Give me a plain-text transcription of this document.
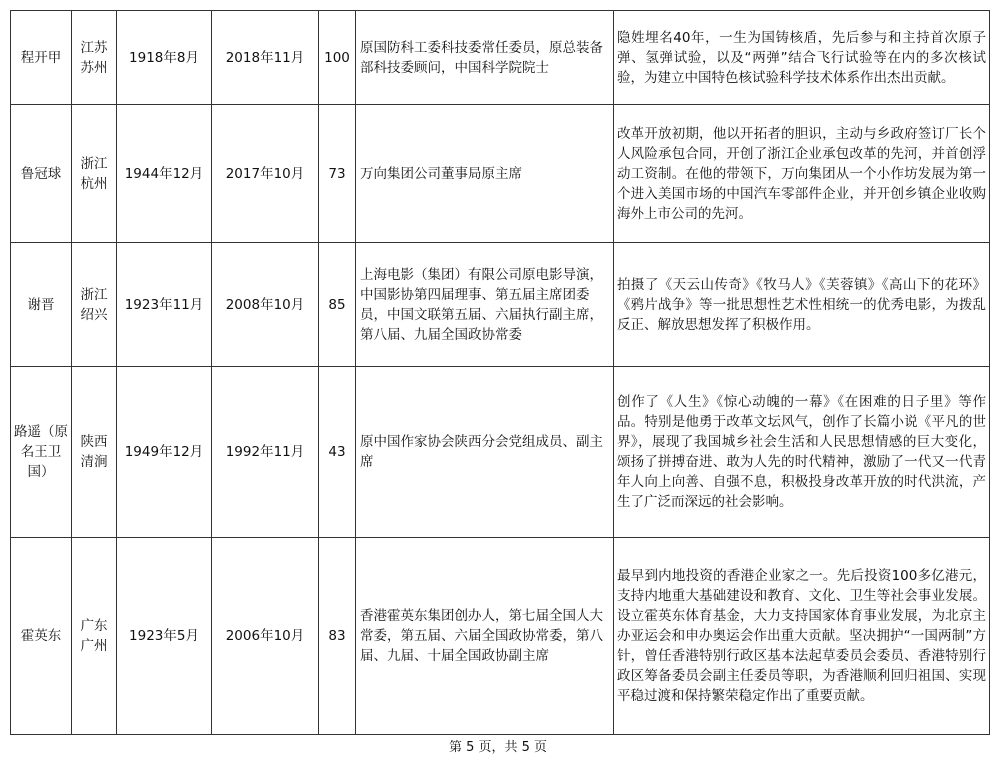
程开甲	江苏苏州	1918年8月	2018年11月	100	原国防科工委科技委常任委员，原总装备部科技委顾问，中国科学院院士	隐姓埋名40年，一生为国铸核盾，先后参与和主持首次原子弹、氢弹试验，以及“两弹”结合飞行试验等在内的多次核试验，为建立中国特色核试验科学技术体系作出杰出贡献。
鲁冠球	浙江杭州	1944年12月	2017年10月	73	万向集团公司董事局原主席	改革开放初期，他以开拓者的胆识，主动与乡政府签订厂长个人风险承包合同，开创了浙江企业承包改革的先河，并首创浮动工资制。在他的带领下，万向集团从一个小作坊发展为第一个进入美国市场的中国汽车零部件企业，并开创乡镇企业收购海外上市公司的先河。
谢晋	浙江绍兴	1923年11月	2008年10月	85	上海电影（集团）有限公司原电影导演，中国影协第四届理事、第五届主席团委员，中国文联第五届、六届执行副主席，第八届、九届全国政协常委	拍摄了《天云山传奇》《牧马人》《芙蓉镇》《高山下的花环》《鸦片战争》等一批思想性艺术性相统一的优秀电影，为拨乱反正、解放思想发挥了积极作用。
路遥（原名王卫国）	陕西清涧	1949年12月	1992年11月	43	原中国作家协会陕西分会党组成员、副主席	创作了《人生》《惊心动魄的一幕》《在困难的日子里》等作品。特别是他勇于改革文坛风气，创作了长篇小说《平凡的世界》，展现了我国城乡社会生活和人民思想情感的巨大变化，颂扬了拼搏奋进、敢为人先的时代精神，激励了一代又一代青年人向上向善、自强不息，积极投身改革开放的时代洪流，产生了广泛而深远的社会影响。
霍英东	广东广州	1923年5月	2006年10月	83	香港霍英东集团创办人，第七届全国人大常委，第五届、六届全国政协常委，第八届、九届、十届全国政协副主席	最早到内地投资的香港企业家之一。先后投资100多亿港元，支持内地重大基础建设和教育、文化、卫生等社会事业发展。设立霍英东体育基金，大力支持国家体育事业发展，为北京主办亚运会和申办奥运会作出重大贡献。坚决拥护“一国两制”方针，曾任香港特别行政区基本法起草委员会委员、香港特别行政区筹备委员会副主任委员等职，为香港顺利回归祖国、实现平稳过渡和保持繁荣稳定作出了重要贡献。
第 5 页，共 5 页
